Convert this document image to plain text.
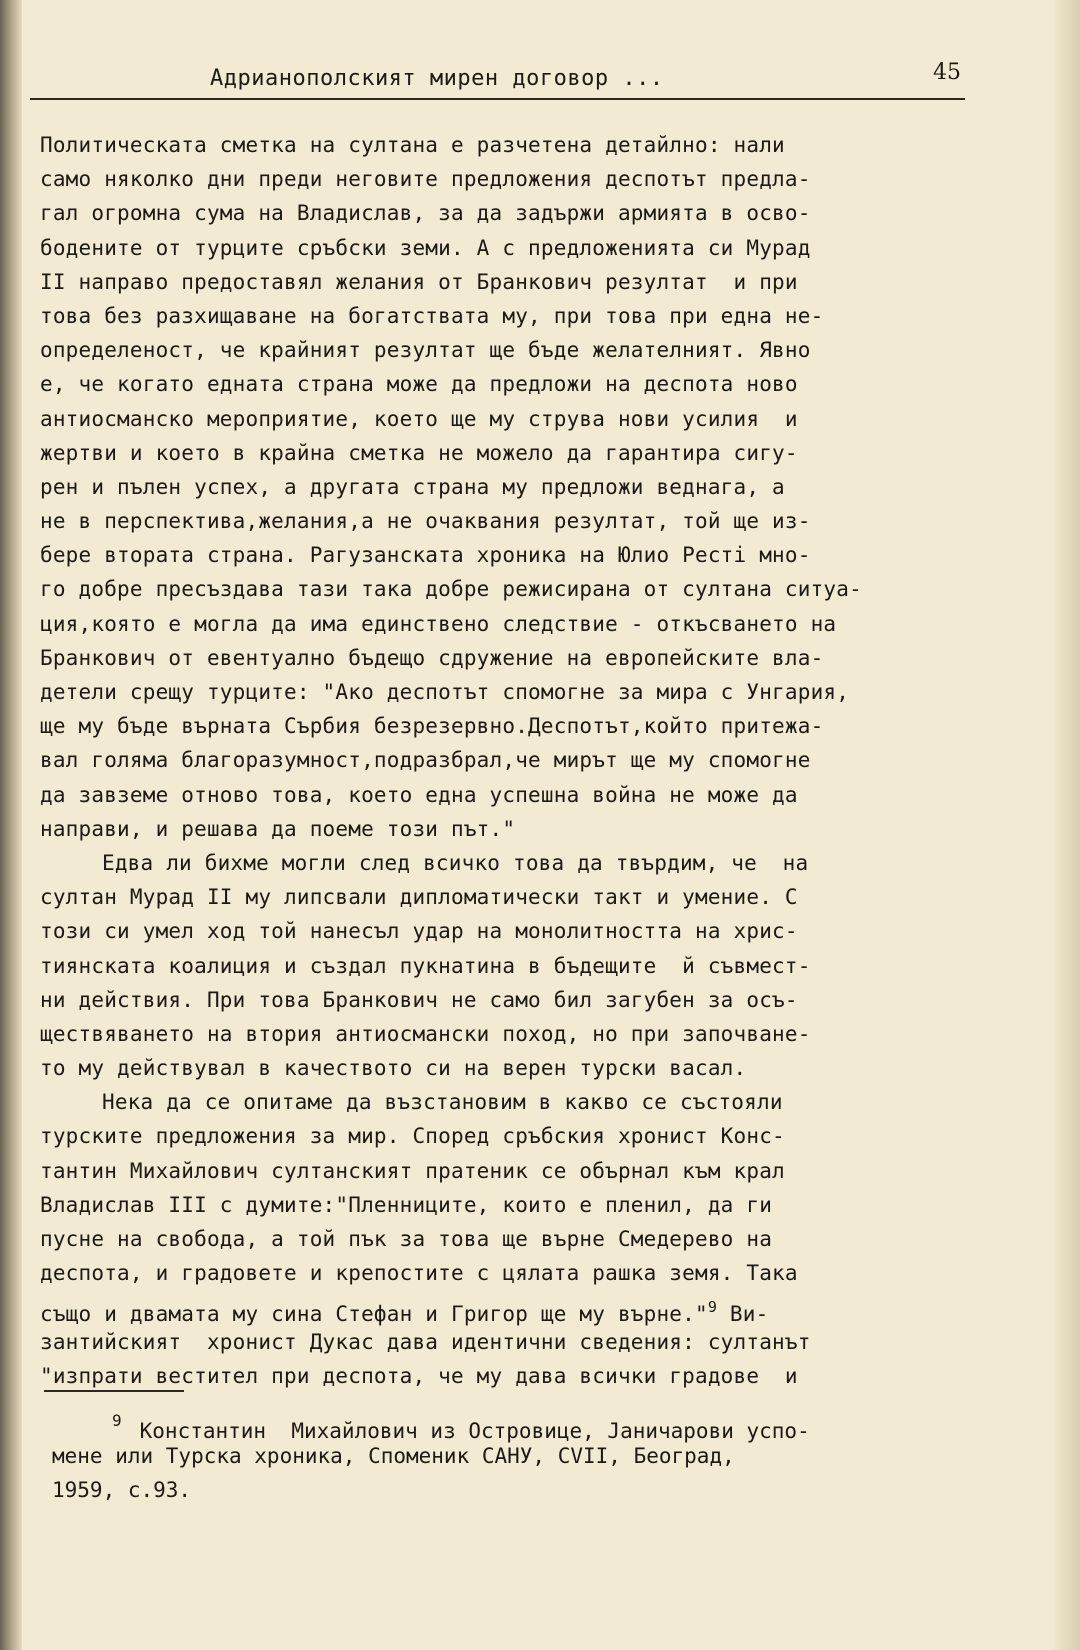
Адрианополският мирен договор ...	45
Политическата сметка на султана е разчетена детайлно: нали
само няколко дни преди неговите предложения деспотът предла-
гал огромна сума на Владислав, за да задържи армията в осво-
бодените от турците сръбски земи. А с предложенията си Мурад
II направо предоставял желания от Бранкович резултат  и при
това без разхищаване на богатствата му, при това при една не-
определеност, че крайният резултат ще бъде желателният. Явно
е, че когато едната страна може да предложи на деспота ново
антиосманско мероприятие, което ще му струва нови усилия  и
жертви и което в крайна сметка не можело да гарантира сигу-
рен и пълен успех, а другата страна му предложи веднага, а
не в перспектива,желания,а не очаквания резултат, той ще из-
бере втората страна. Рагузанската хроника на Юлио Ресті мно-
го добре пресъздава тази така добре режисирана от султана ситуа-
ция,която е могла да има единствено следствие - откъсването на
Бранкович от евентуално бъдещо сдружение на европейските вла-
детели срещу турците: "Ако деспотът спомогне за мира с Унгария,
ще му бъде върната Сърбия безрезервно.Деспотът,който притежа-
вал голяма благоразумност,подразбрал,че мирът ще му спомогне
да завземе отново това, което една успешна война не може да
направи, и решава да поеме този път."
Едва ли бихме могли след всичко това да твърдим, че  на
султан Мурад II му липсвали дипломатически такт и умение. С
този си умел ход той нанесъл удар на монолитността на хрис-
тиянската коалиция и създал пукнатина в бъдещите  й съвмест-
ни действия. При това Бранкович не само бил загубен за осъ-
ществяването на втория антиосмански поход, но при започване-
то му действувал в качеството си на верен турски васал.
Нека да се опитаме да възстановим в какво се състояли
турските предложения за мир. Според сръбския хронист Конс-
тантин Михайлович султанският пратеник се обърнал към крал
Владислав III с думите:"Пленниците, които е пленил, да ги
пусне на свобода, а той пък за това ще върне Смедерево на
деспота, и градовете и крепостите с цялата рашка земя. Така
също и двамата му сина Стефан и Григор ще му върне."$^9$ Ви-
зантийският  хронист Дукас дава идентични сведения: султанът
"изпрати вестител при деспота, че му дава всички градове  и
$^9$ Константин  Михайлович из Островице, Јаничарови успо-
мене или Турска хроника, Споменик САНУ, CVII, Београд,
1959, с.93.
